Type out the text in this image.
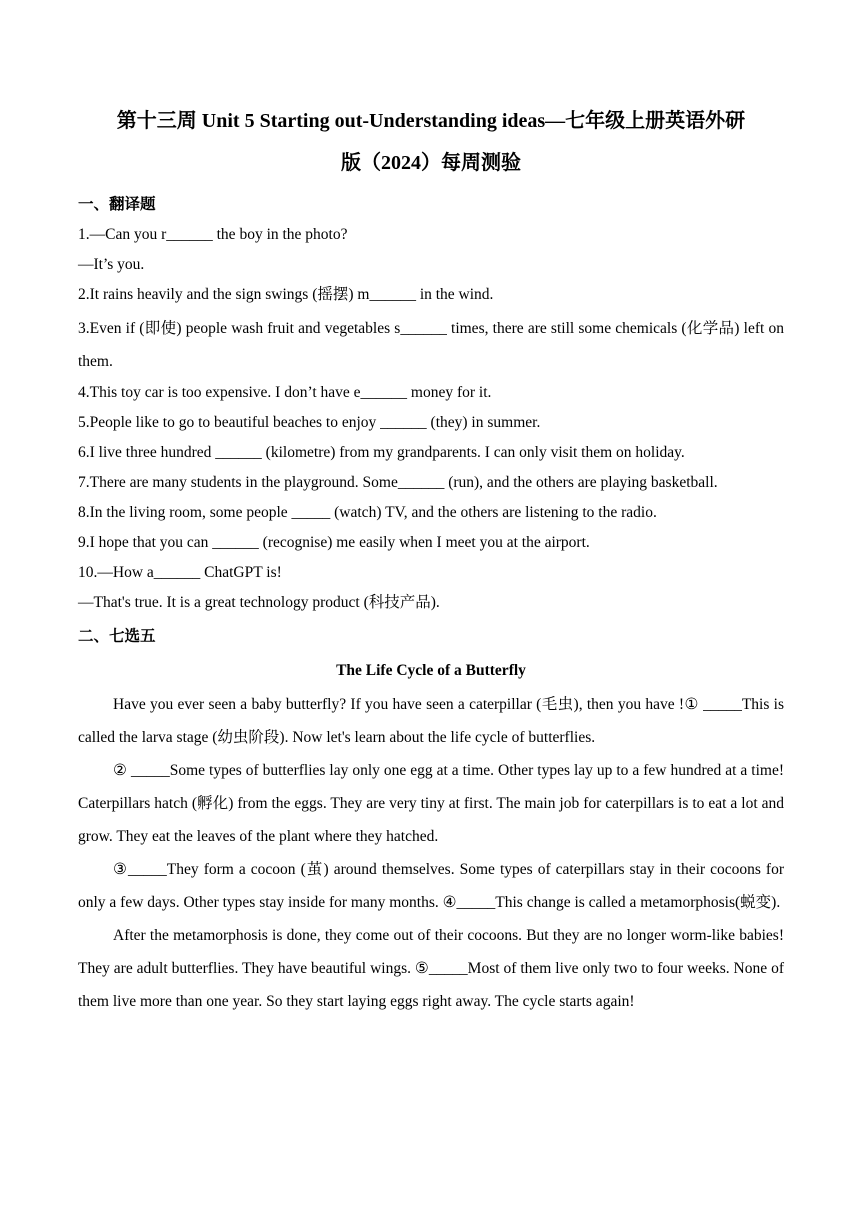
第十三周 Unit 5 Starting out-Understanding ideas—七年级上册英语外研
版（2024）每周测验
一、翻译题
1.—Can you r______ the boy in the photo?
—It’s you.
2.It rains heavily and the sign swings (摇摆) m______ in the wind.
3.Even if (即使) people wash fruit and vegetables s______ times, there are still some chemicals (化学品) left on them.
4.This toy car is too expensive. I don’t have e______ money for it.
5.People like to go to beautiful beaches to enjoy ______ (they) in summer.
6.I live three hundred ______ (kilometre) from my grandparents. I can only visit them on holiday.
7.There are many students in the playground. Some______ (run), and the others are playing basketball.
8.In the living room, some people _____ (watch) TV, and the others are listening to the radio.
9.I hope that you can ______ (recognise) me easily when I meet you at the airport.
10.—How a______ ChatGPT is!
—That's true. It is a great technology product (科技产品).
二、七选五
The Life Cycle of a Butterfly

Have you ever seen a baby butterfly? If you have seen a caterpillar (毛虫), then you have !① _____This is called the larva stage (幼虫阶段). Now let's learn about the life cycle of butterflies.

② _____Some types of butterflies lay only one egg at a time. Other types lay up to a few hundred at a time! Caterpillars hatch (孵化) from the eggs. They are very tiny at first. The main job for caterpillars is to eat a lot and grow. They eat the leaves of the plant where they hatched.

③_____They form a cocoon (茧) around themselves. Some types of caterpillars stay in their cocoons for only a few days. Other types stay inside for many months. ④_____This change is called a metamorphosis(蜕变).

After the metamorphosis is done, they come out of their cocoons. But they are no longer worm-like babies! They are adult butterflies. They have beautiful wings. ⑤_____Most of them live only two to four weeks. None of them live more than one year. So they start laying eggs right away. The cycle starts again!
